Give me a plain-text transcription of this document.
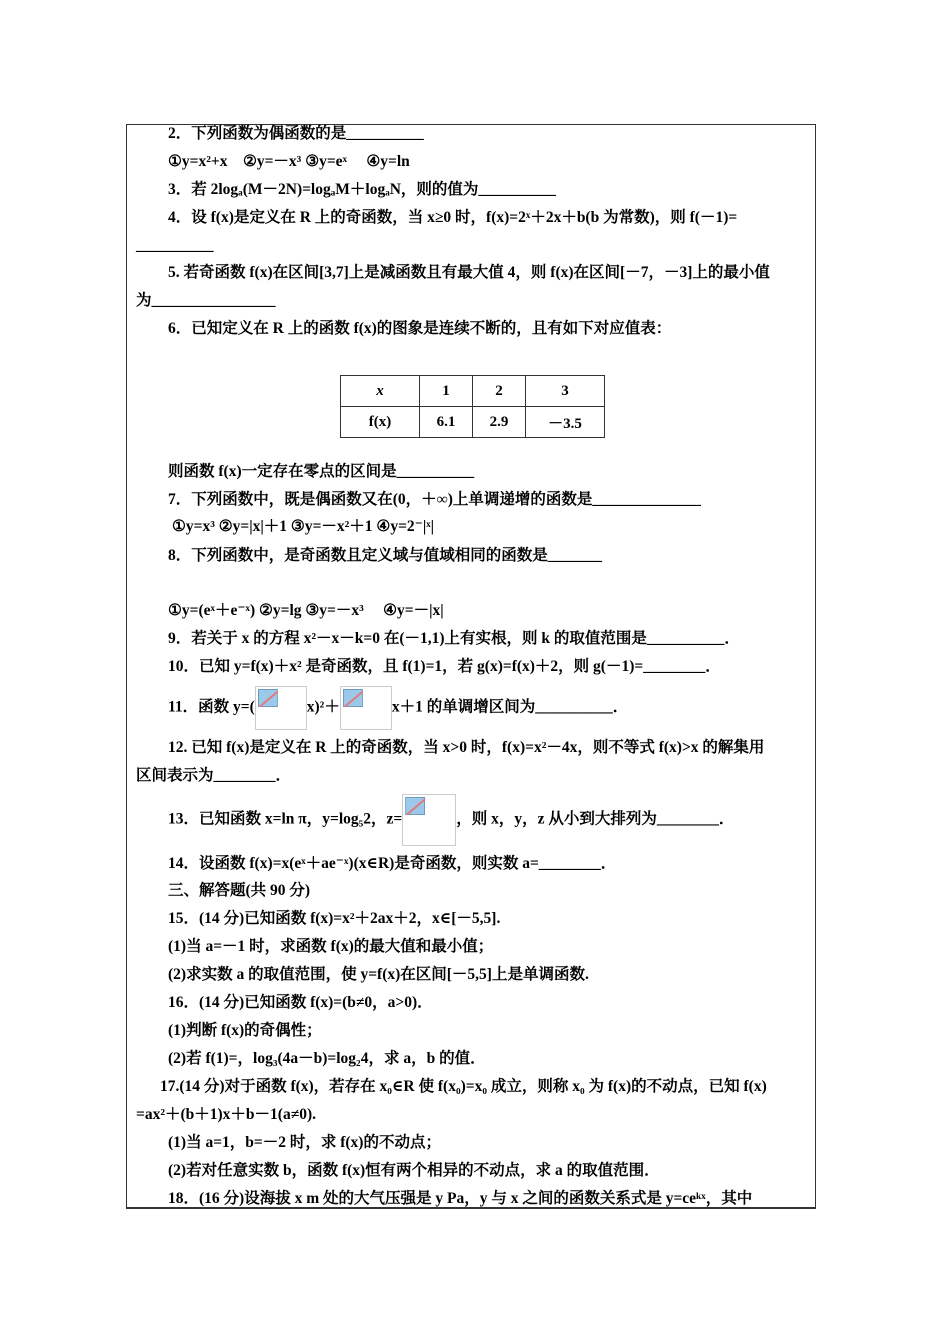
2．下列函数为偶函数的是__________
①y=x²+x　②y=－x³ ③y=eˣ　 ④y=ln
3．若 2logₐ(M－2N)=logₐM＋logₐN，则的值为__________
4．设 f(x)是定义在 R 上的奇函数，当 x≥0 时，f(x)=2ˣ＋2x＋b(b 为常数)，则 f(－1)=
__________
5. 若奇函数 f(x)在区间[3,7]上是减函数且有最大值 4，则 f(x)在区间[－7，－3]上的最小值
为________________
6．已知定义在 R 上的函数 f(x)的图象是连续不断的，且有如下对应值表：
x	1	2	3
f(x)	6.1	2.9	－3.5
则函数 f(x)一定存在零点的区间是__________
7．下列函数中，既是偶函数又在(0，＋∞)上单调递增的函数是______________
①y=x³ ②y=|x|＋1 ③y=－x²＋1 ④y=2⁻|ˣ|
8．下列函数中，是奇函数且定义域与值域相同的函数是_______
①y=(eˣ＋e⁻ˣ) ②y=lg ③y=－x³　 ④y=－|x|
9．若关于 x 的方程 x²－x－k=0 在(－1,1)上有实根，则 k 的取值范围是__________．
10．已知 y=f(x)＋x² 是奇函数，且 f(1)=1，若 g(x)=f(x)＋2，则 g(－1)=________．
11．函数 y=(	x)²＋	x＋1 的单调增区间为__________．
12. 已知 f(x)是定义在 R 上的奇函数，当 x>0 时，f(x)=x²－4x，则不等式 f(x)>x 的解集用
区间表示为________．
13．已知函数 x=ln π，y=log₅2，z=	，则 x，y，z 从小到大排列为________．
14．设函数 f(x)=x(eˣ＋ae⁻ˣ)(x∈R)是奇函数，则实数 a=________．
三、解答题(共 90 分)
15．(14 分)已知函数 f(x)=x²＋2ax＋2，x∈[－5,5].
(1)当 a=－1 时，求函数 f(x)的最大值和最小值；
(2)求实数 a 的取值范围，使 y=f(x)在区间[－5,5]上是单调函数.
16．(14 分)已知函数 f(x)=(b≠0，a>0)．
(1)判断 f(x)的奇偶性；
(2)若 f(1)=，log₃(4a－b)=log₂4，求 a，b 的值．
17.(14 分)对于函数 f(x)，若存在 x₀∈R 使 f(x₀)=x₀ 成立，则称 x₀ 为 f(x)的不动点，已知 f(x)
=ax²＋(b＋1)x＋b－1(a≠0).
(1)当 a=1，b=－2 时，求 f(x)的不动点；
(2)若对任意实数 b，函数 f(x)恒有两个相异的不动点，求 a 的取值范围．
18．(16 分)设海拔 x m 处的大气压强是 y Pa，y 与 x 之间的函数关系式是 y=ceᵏˣ，其中
